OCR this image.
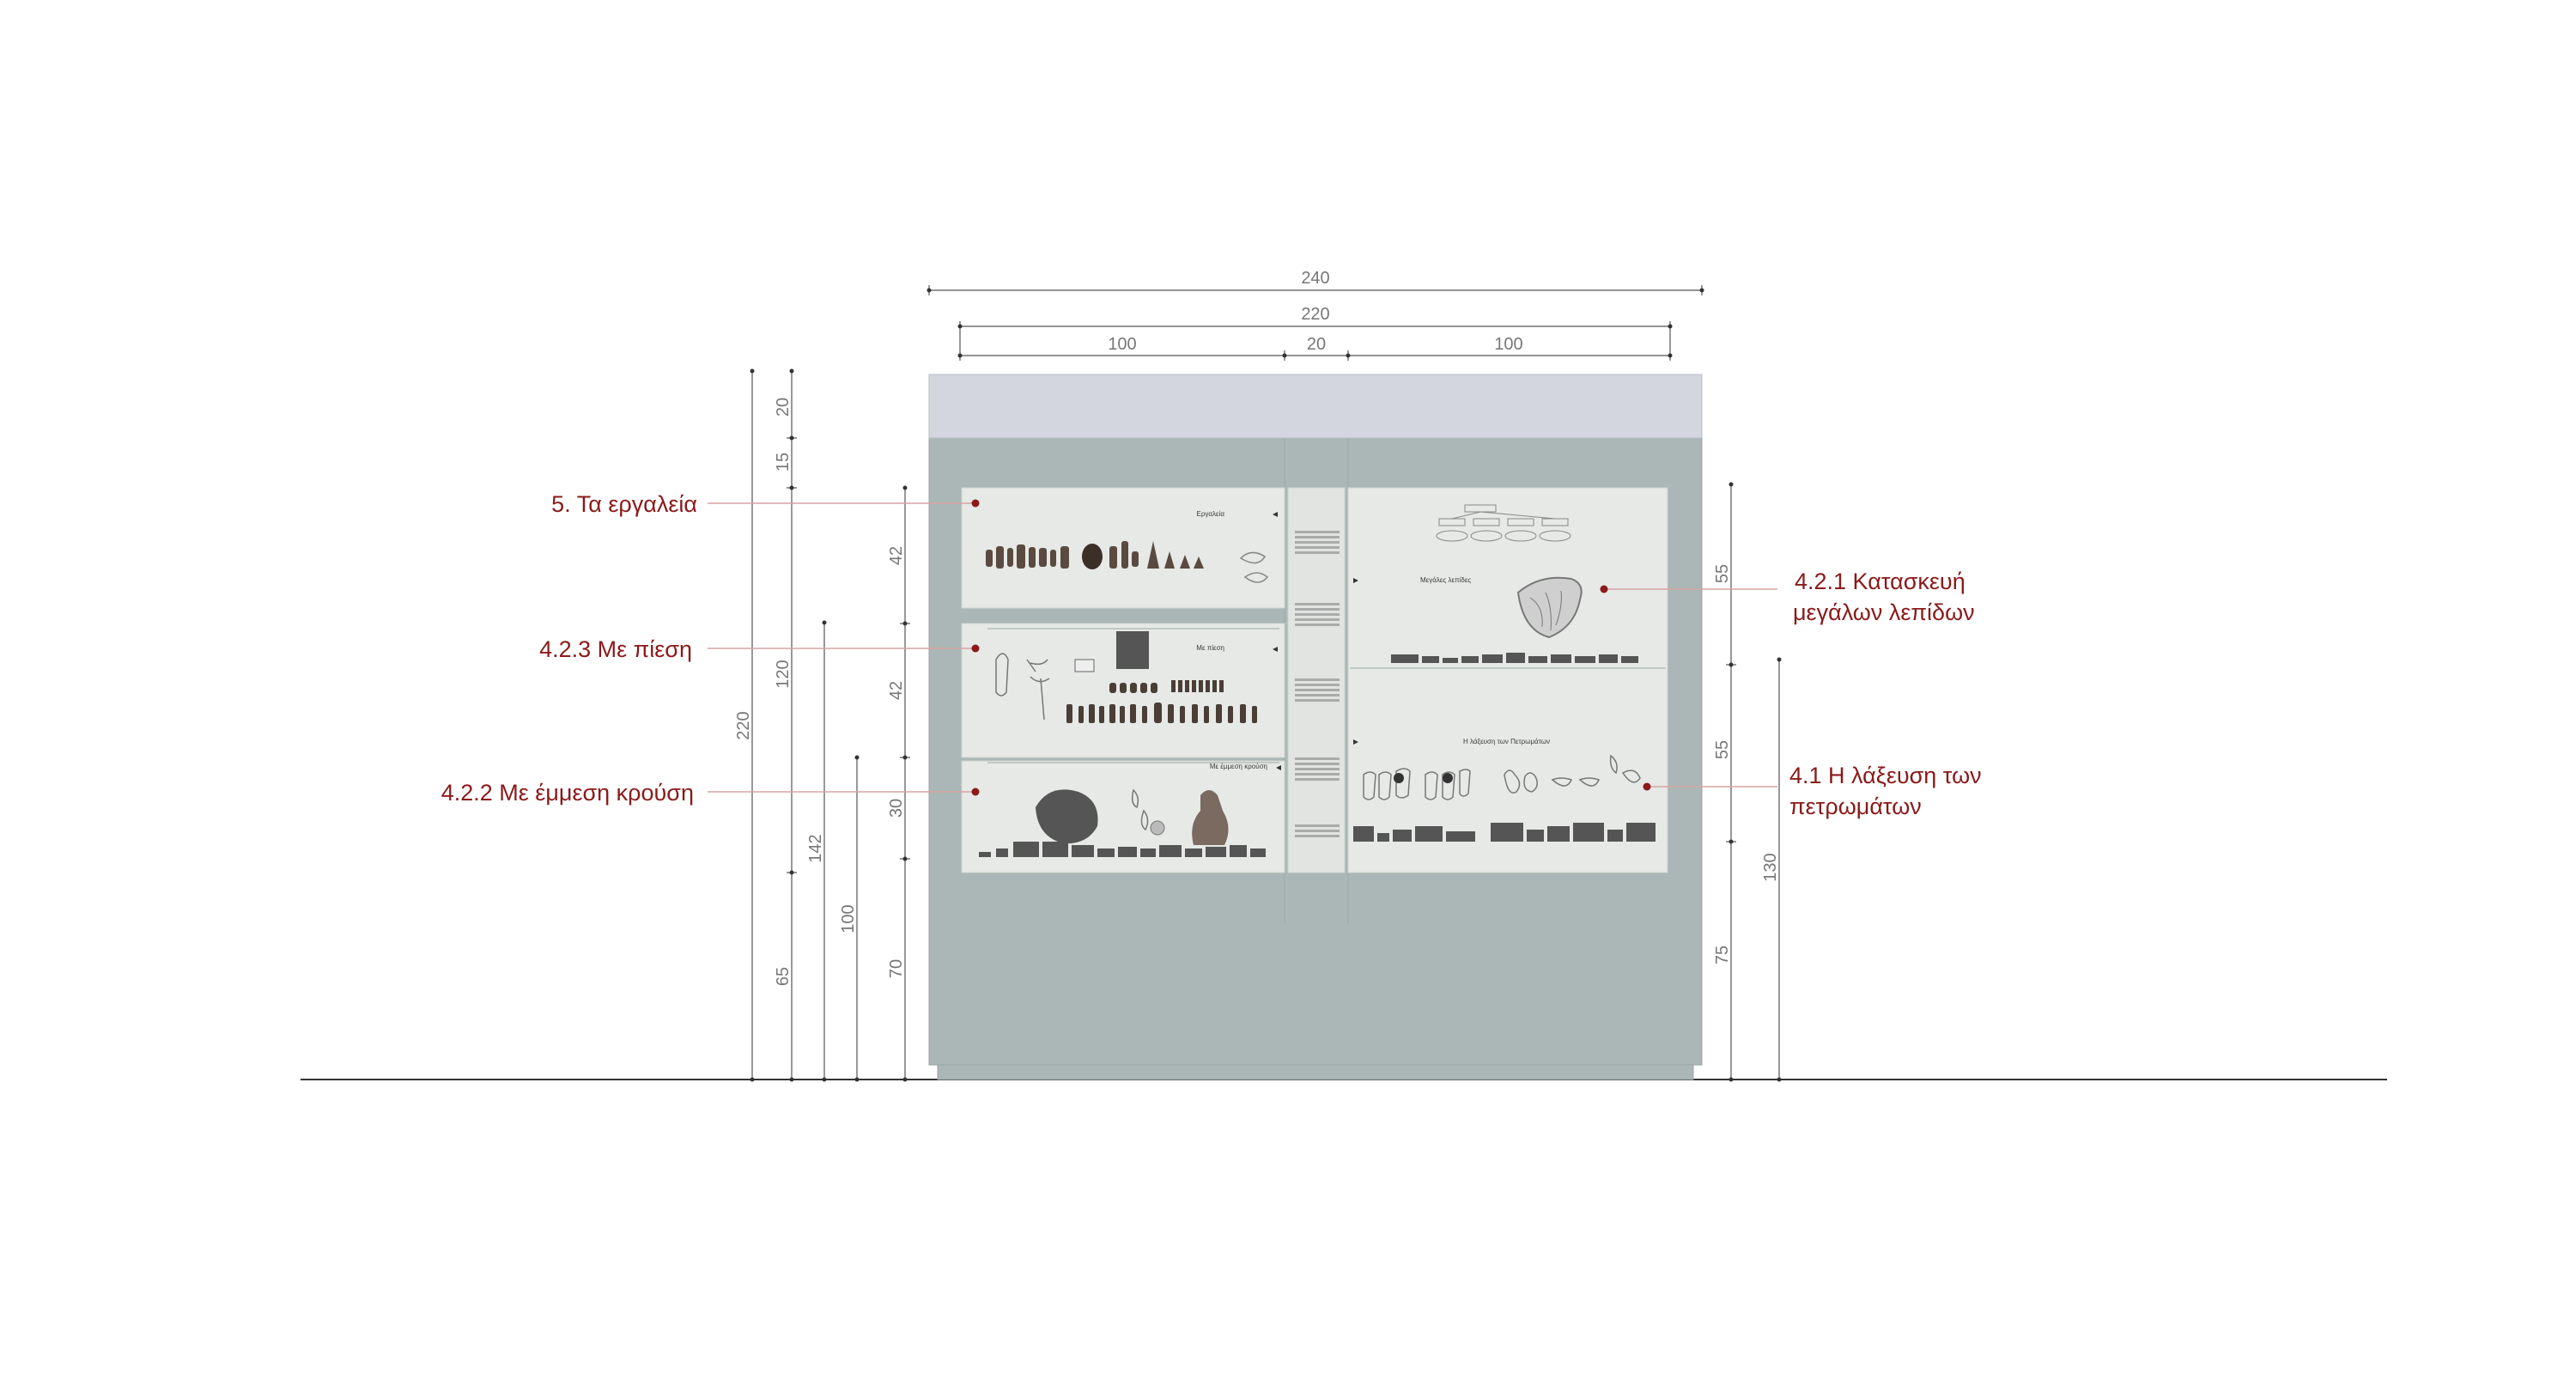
Εργαλεία
Με πίεση
Με έμμεση κρούση
Μεγάλες λεπίδες
Η λάξευση των Πετρωμάτων
240
220
100	20	100
20
15
220
120
65
142
100
42
42
30
70
55
55
75
130
5. Τα εργαλεία
4.2.3 Με πίεση
4.2.2 Με έμμεση κρούση
4.2.1 Κατασκευή
μεγάλων λεπίδων
4.1 Η λάξευση των
πετρωμάτων
